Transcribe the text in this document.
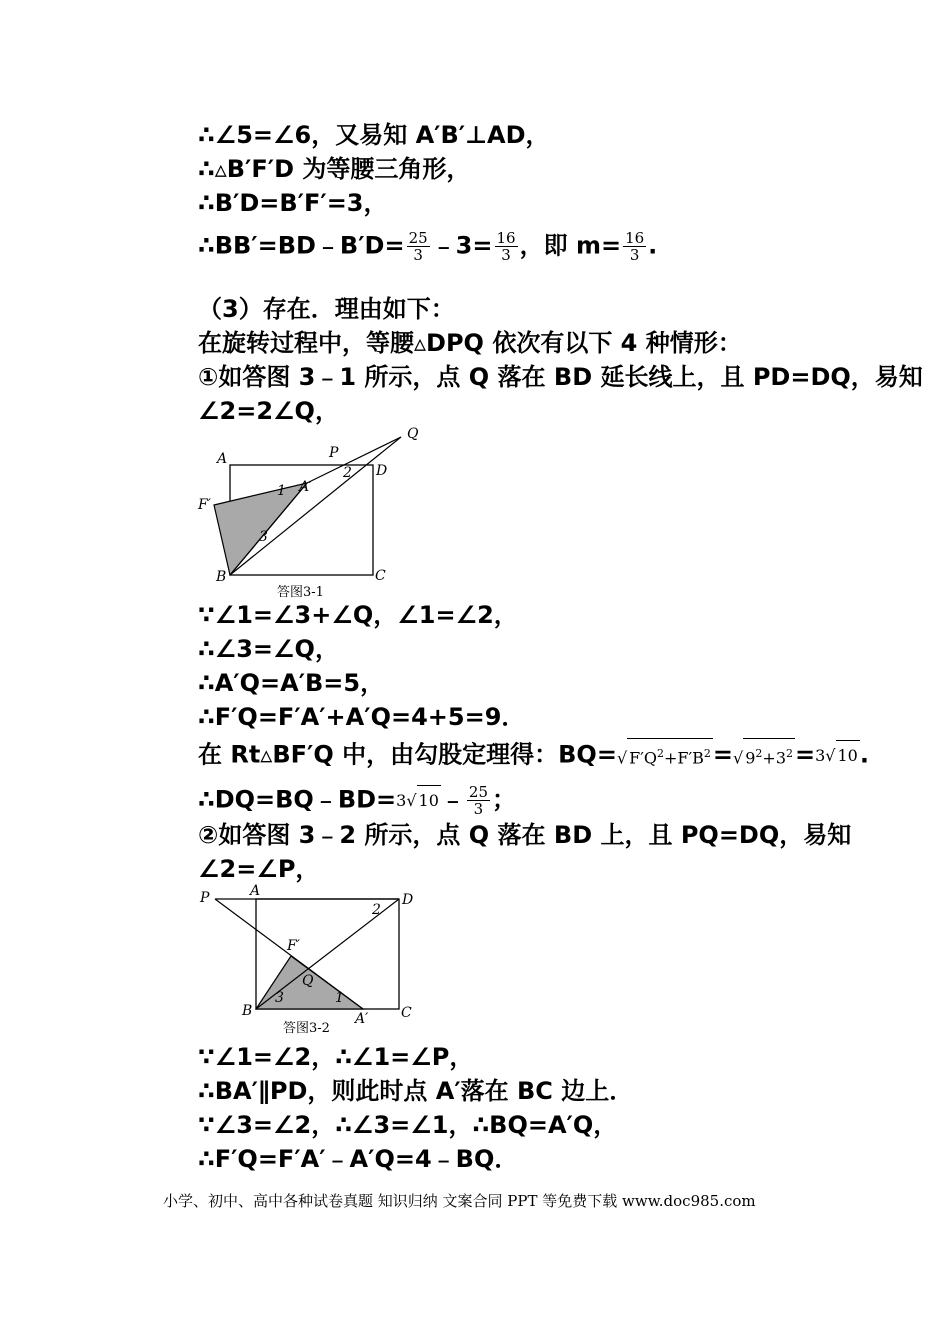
∴∠5=∠6，又易知 A′B′⊥AD，
∴▵B′F′D 为等腰三角形，
∴B′D=B′F′=3，
∴BB′=BD﹣B′D= $\frac{25}{3}$ ﹣3= $\frac{16}{3}$ ，即 $m= \frac{16}{3}$ .
（3）存在．理由如下：
在旋转过程中，等腰▵DPQ 依次有以下 4 种情形：
①如答图 3﹣1 所示，点 Q 落在 BD 延长线上，且 PD=DQ，易知
∠2=2∠Q，
A	P
Q
D
F′
A′
B	C
1
2
3
答图3-1
∵∠1=∠3+∠Q，∠1=∠2，
∴∠3=∠Q，
∴A′Q=A′B=5，
∴F′Q=F′A′+A′Q=4+5=9．
在 Rt▵BF′Q 中，由勾股定理得：BQ=√ $F'Q^2+F'B^2=√$ $9^2+3^2=3√$ 10.
∴DQ=BQ﹣BD=3√ 10﹣ $\frac{25}{3}$ ；
②如答图 3﹣2 所示，点 Q 落在 BD 上，且 PQ=DQ，易知
∠2=∠P，
P	A
D
F′
Q
B	A′ C
1
2
3
答图3-2
∵∠1=∠2，∴∠1=∠P，
∴BA′∥PD，则此时点 A′落在 BC 边上．
∵∠3=∠2，∴∠3=∠1，∴BQ=A′Q，
∴F′Q=F′A′﹣A′Q=4﹣BQ．
小学、初中、高中各种试卷真题 知识归纳 文案合同 PPT 等免费下载 www.doc985.com
